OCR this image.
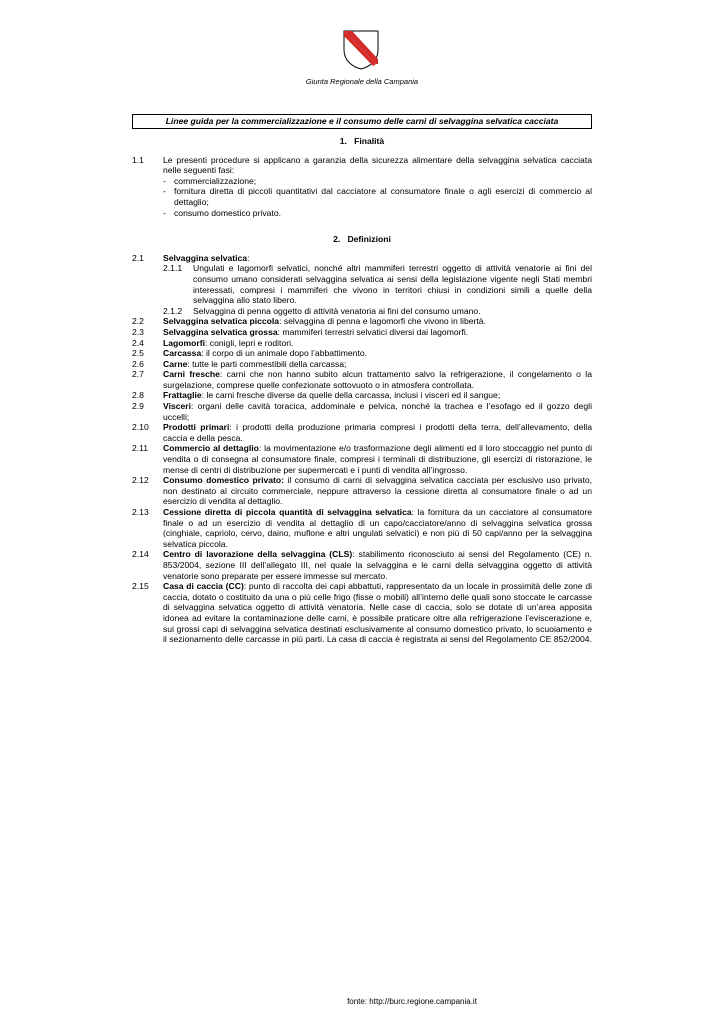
Giunta Regionale della Campania
Linee guida per la commercializzazione e il consumo delle carni di selvaggina selvatica cacciata
1.   Finalità
1.1	Le presenti procedure si applicano a garanzia della sicurezza alimentare della selvaggina selvatica cacciata nelle seguenti fasi:
- commercializzazione;
- fornitura diretta di piccoli quantitativi dal cacciatore al consumatore finale o agli esercizi di commercio al dettaglio;
- consumo domestico privato.
2.   Definizioni
2.1	Selvaggina selvatica:
2.1.1	Ungulati e lagomorfi selvatici, nonché altri mammiferi terrestri oggetto di attività venatorie ai fini del consumo umano considerati selvaggina selvatica ai sensi della legislazione vigente negli Stati membri interessati, compresi i mammiferi che vivono in territori chiusi in condizioni simili a quelle della selvaggina allo stato libero.
2.1.2	Selvaggina di penna oggetto di attività venatoria ai fini del consumo umano.
2.2	Selvaggina selvatica piccola: selvaggina di penna e lagomorfi che vivono in libertà.
2.3	Selvaggina selvatica grossa: mammiferi terrestri selvatici diversi dai lagomorfi.
2.4	Lagomorfi: conigli, lepri e roditori.
2.5	Carcassa: il corpo di un animale dopo l’abbattimento.
2.6	Carne: tutte le parti commestibili della carcassa;
2.7	Carni fresche: carni che non hanno subito alcun trattamento salvo la refrigerazione, il congelamento o la surgelazione, comprese quelle confezionate sottovuoto o in atmosfera controllata.
2.8	Frattaglie: le carni fresche diverse da quelle della carcassa, inclusi i visceri ed il sangue;
2.9	Visceri: organi delle cavità toracica, addominale e pelvica, nonché la trachea e l’esofago ed il gozzo degli uccelli;
2.10	Prodotti primari: i prodotti della produzione primaria compresi i prodotti della terra, dell’allevamento, della caccia e della pesca.
2.11	Commercio al dettaglio: la movimentazione e/o trasformazione degli alimenti ed il loro stoccaggio nel punto di vendita o di consegna al consumatore finale, compresi i terminali di distribuzione, gli esercizi di ristorazione, le mense di centri di distribuzione per supermercati e i punti di vendita all’ingrosso.
2.12	Consumo domestico privato: il consumo di carni di selvaggina selvatica cacciata per esclusivo uso privato, non destinato al circuito commerciale, neppure attraverso la cessione diretta al consumatore finale o ad un esercizio di vendita al dettaglio.
2.13	Cessione diretta di piccola quantità di selvaggina selvatica: la fornitura da un cacciatore al consumatore finale o ad un esercizio di vendita al dettaglio di un capo/cacciatore/anno di selvaggina selvatica grossa (cinghiale, capriolo, cervo, daino, muflone e altri ungulati selvatici) e non più di 50 capi/anno per la selvaggina selvatica piccola.
2.14	Centro di lavorazione della selvaggina (CLS): stabilimento riconosciuto ai sensi del Regolamento (CE) n. 853/2004, sezione III dell’allegato III, nel quale la selvaggina e le carni della selvaggina oggetto di attività venatorie sono preparate per essere immesse sul mercato.
2.15	Casa di caccia (CC): punto di raccolta dei capi abbattuti, rappresentato da un locale in prossimità delle zone di caccia, dotato o costituito da una o più celle frigo (fisse o mobili) all’interno delle quali sono stoccate le carcasse di selvaggina selvatica oggetto di attività venatoria. Nelle case di caccia, solo se dotate di un’area apposita idonea ad evitare la contaminazione delle carni, è possibile praticare oltre alla refrigerazione l’eviscerazione e, sui grossi capi di selvaggina selvatica destinati esclusivamente al consumo domestico privato, lo scuoiamento e il sezionamento delle carcasse in più parti. La casa di caccia è registrata ai sensi del Regolamento CE 852/2004.
fonte: http://burc.regione.campania.it
